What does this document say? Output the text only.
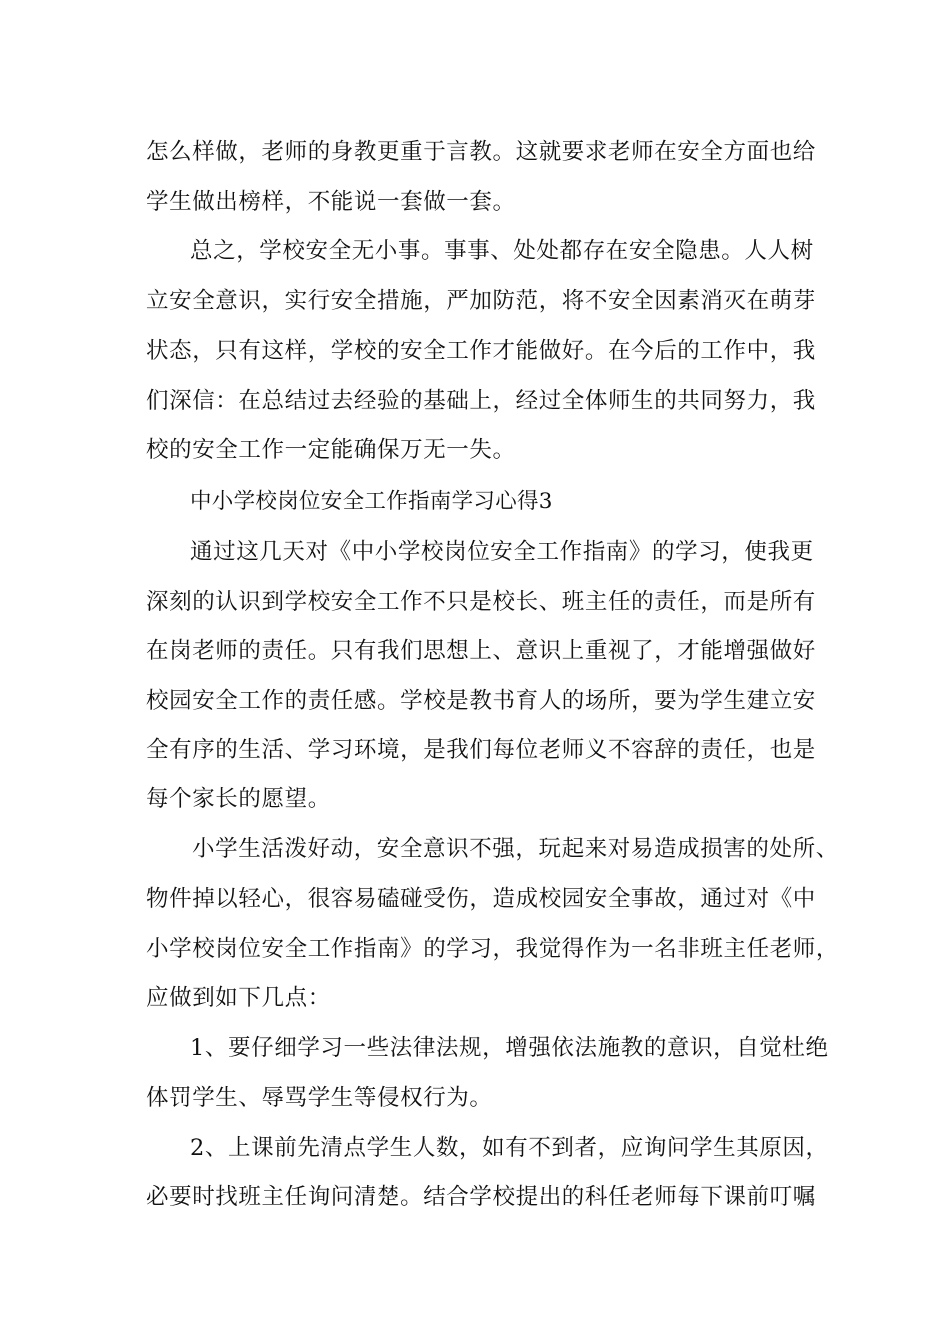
怎么样做，老师的身教更重于言教。这就要求老师在安全方面也给
学生做出榜样，不能说一套做一套。
总之，学校安全无小事。事事、处处都存在安全隐患。人人树
立安全意识，实行安全措施，严加防范，将不安全因素消灭在萌芽
状态，只有这样，学校的安全工作才能做好。在今后的工作中，我
们深信：在总结过去经验的基础上，经过全体师生的共同努力，我
校的安全工作一定能确保万无一失。
中小学校岗位安全工作指南学习心得3
通过这几天对《中小学校岗位安全工作指南》的学习，使我更
深刻的认识到学校安全工作不只是校长、班主任的责任，而是所有
在岗老师的责任。只有我们思想上、意识上重视了，才能增强做好
校园安全工作的责任感。学校是教书育人的场所，要为学生建立安
全有序的生活、学习环境，是我们每位老师义不容辞的责任，也是
每个家长的愿望。
小学生活泼好动，安全意识不强，玩起来对易造成损害的处所、
物件掉以轻心，很容易磕碰受伤，造成校园安全事故，通过对《中
小学校岗位安全工作指南》的学习，我觉得作为一名非班主任老师，
应做到如下几点：
1、要仔细学习一些法律法规，增强依法施教的意识，自觉杜绝
体罚学生、辱骂学生等侵权行为。
2、上课前先清点学生人数，如有不到者，应询问学生其原因，
必要时找班主任询问清楚。结合学校提出的科任老师每下课前叮嘱
